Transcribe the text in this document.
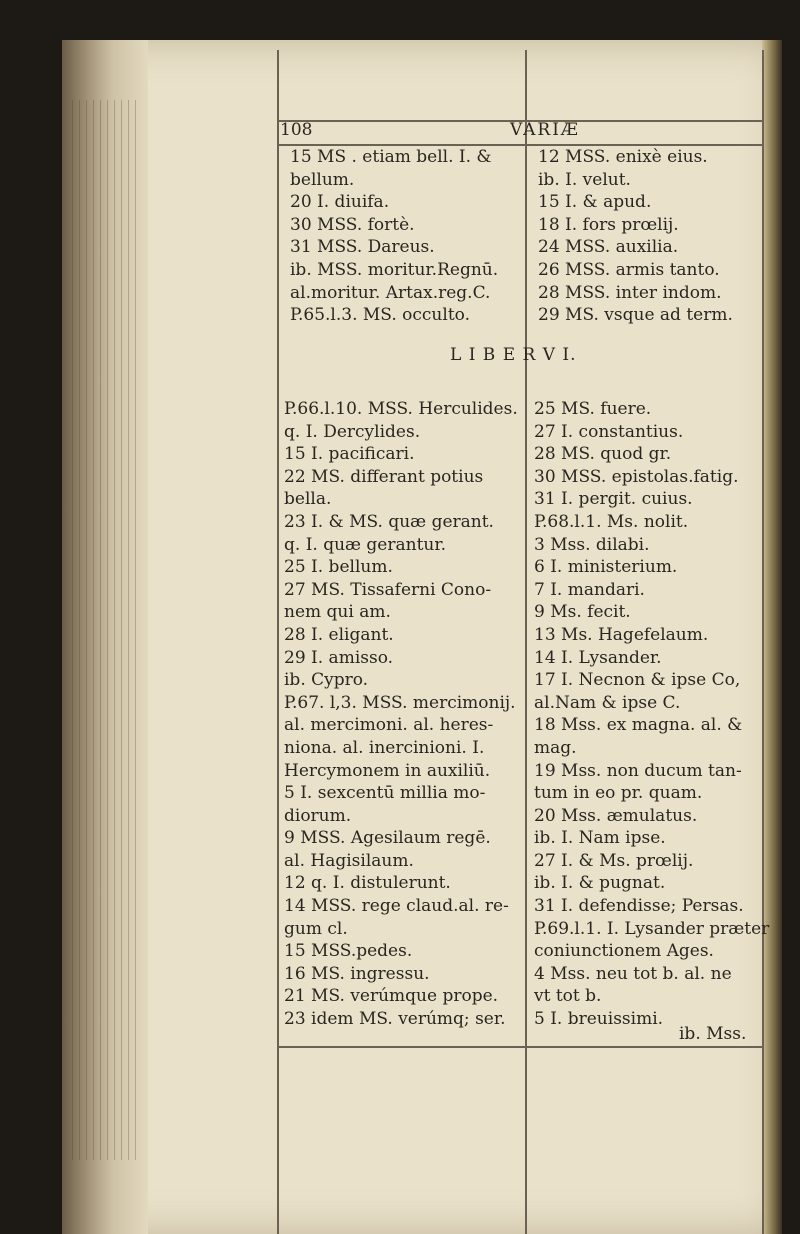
108	VARIÆ
15 MS . etiam bell. I. &
bellum.
20 I. diuifa.
30 MSS. fortè.
31 MSS. Dareus.
ib. MSS. moritur.Regnū.
al.moritur. Artax.reg.C.
P.65.l.3. MS. occulto.
12 MSS. enixè eius.
ib. I. velut.
15 I. & apud.
18 I. fors prœlij.
24 MSS. auxilia.
26 MSS. armis tanto.
28 MSS. inter indom.
29 MS. vsque ad term.
L I B E R V I.
P.66.l.10. MSS. Herculides.
q. I. Dercylides.
15 I. pacificari.
22 MS. differant potius
bella.
23 I. & MS. quæ gerant.
q. I. quæ gerantur.
25 I. bellum.
27 MS. Tissaferni Cono-
nem qui am.
28 I. eligant.
29 I. amisso.
ib. Cypro.
P.67. l,3. MSS. mercimonij.
al. mercimoni. al. heres-
niona. al. inercinioni. I.
Hercymonem in auxiliū.
5 I. sexcentū millia mo-
diorum.
9 MSS. Agesilaum regē.
al. Hagisilaum.
12 q. I. distulerunt.
14 MSS. rege claud.al. re-
gum cl.
15 MSS.pedes.
16 MS. ingressu.
21 MS. verúmque prope.
23 idem MS. verúmq; ser.
25 MS. fuere.
27 I. constantius.
28 MS. quod gr.
30 MSS. epistolas.fatig.
31 I. pergit. cuius.
P.68.l.1. Ms. nolit.
3 Mss. dilabi.
6 I. ministerium.
7 I. mandari.
9 Ms. fecit.
13 Ms. Hagefelaum.
14 I. Lysander.
17 I. Necnon & ipse Co,
al.Nam & ipse C.
18 Mss. ex magna. al. &
mag.
19 Mss. non ducum tan-
tum in eo pr. quam.
20 Mss. æmulatus.
ib. I. Nam ipse.
27 I. & Ms. prœlij.
ib. I. & pugnat.
31 I. defendisse; Persas.
P.69.l.1. I. Lysander præter
coniunctionem Ages.
4 Mss. neu tot b. al. ne
vt tot b.
5 I. breuissimi.
ib. Mss.
